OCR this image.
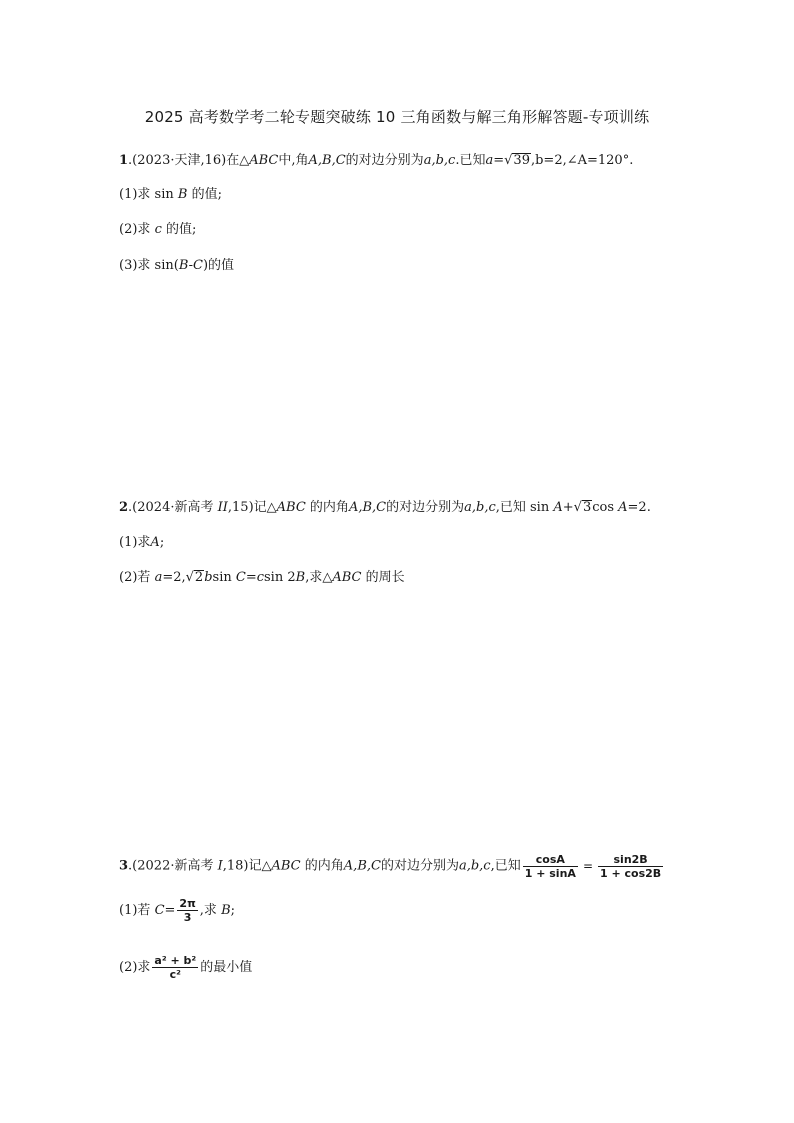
2025 高考数学考二轮专题突破练 10 三角函数与解三角形解答题-专项训练
1.(2023·天津,16)在△ABC中,角A,B,C的对边分别为a,b,c.已知a=√39,b=2,∠A=120°.
(1)求 sin B 的值;
(2)求 c 的值;
(3)求 sin(B-C)的值
2.(2024·新高考 II,15)记△ABC 的内角A,B,C的对边分别为a,b,c,已知 sin A+√3cos A=2.
(1)求A;
(2)若 a=2,√2bsin C=csin 2B,求△ABC 的周长
3.(2022·新高考 I,18)记△ABC 的内角A,B,C的对边分别为a,b,c,已知 $\frac{\cos A}{1 + \sin A} = \frac{\sin 2B}{1 + \cos 2B}$
(1)若 $C= \frac{2\pi}{3}$ ,求 B;
(2)求 $\frac{\text{a² + b²}}{\text{c²}}$ 的最小值
